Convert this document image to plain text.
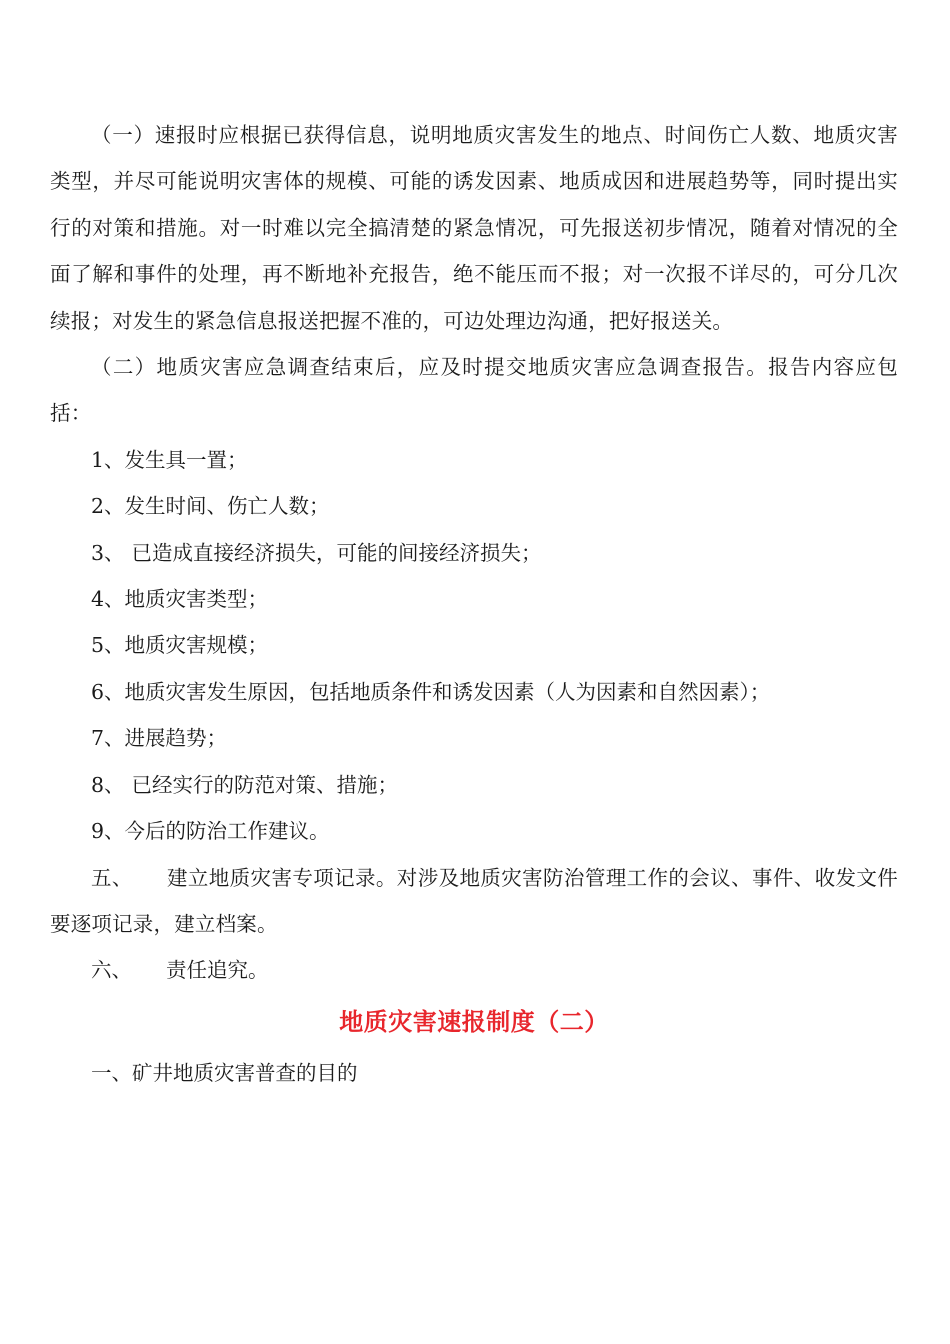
（一）速报时应根据已获得信息，说明地质灾害发生的地点、时间伤亡人数、地质灾害类型，并尽可能说明灾害体的规模、可能的诱发因素、地质成因和进展趋势等，同时提出实行的对策和措施。对一时难以完全搞清楚的紧急情况，可先报送初步情况，随着对情况的全面了解和事件的处理，再不断地补充报告，绝不能压而不报；对一次报不详尽的，可分几次续报；对发生的紧急信息报送把握不准的，可边处理边沟通，把好报送关。

（二）地质灾害应急调查结束后，应及时提交地质灾害应急调查报告。报告内容应包括：

1、发生具一置；

2、发生时间、伤亡人数；

3、 已造成直接经济损失，可能的间接经济损失；

4、地质灾害类型；

5、地质灾害规模；

6、地质灾害发生原因，包括地质条件和诱发因素（人为因素和自然因素）；

7、进展趋势；

8、 已经实行的防范对策、措施；

9、今后的防治工作建议。

五、 建立地质灾害专项记录。对涉及地质灾害防治管理工作的会议、事件、收发文件要逐项记录，建立档案。

六、 责任追究。

地质灾害速报制度（二）

一、矿井地质灾害普查的目的
